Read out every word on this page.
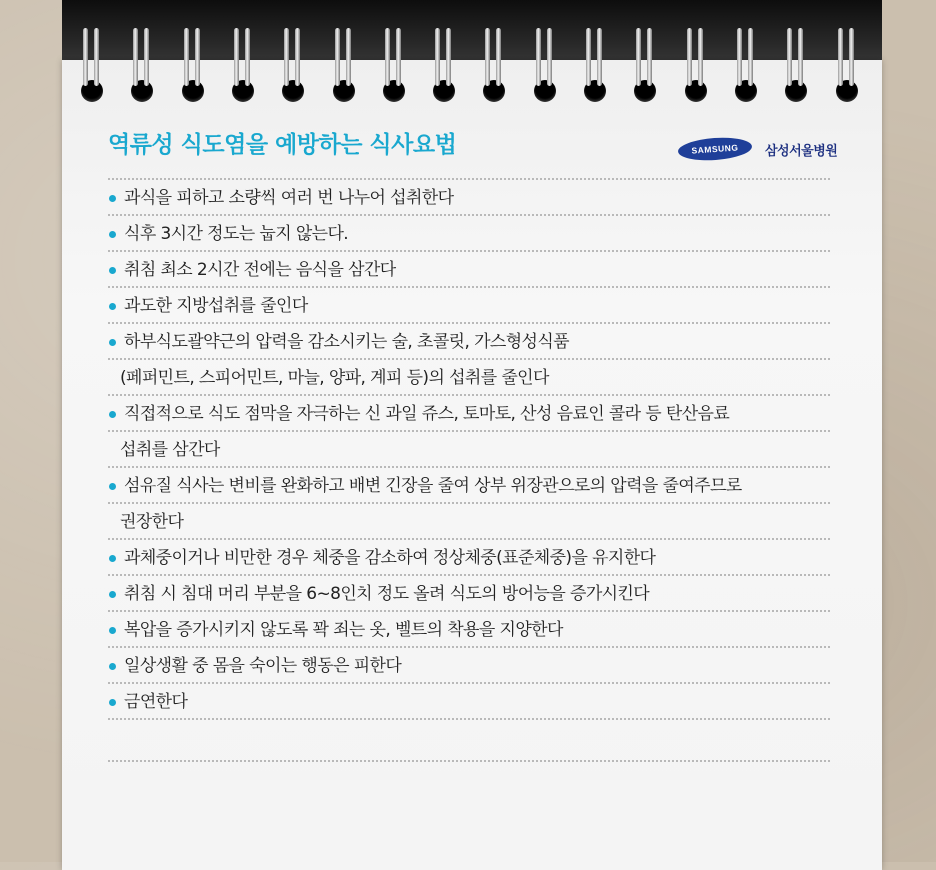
역류성 식도염을 예방하는 식사요법	SAMSUNG	삼성서울병원
과식을 피하고 소량씩 여러 번 나누어 섭취한다
식후 3시간 정도는 눕지 않는다.
취침 최소 2시간 전에는 음식을 삼간다
과도한 지방섭취를 줄인다
하부식도괄약근의 압력을 감소시키는 술, 초콜릿, 가스형성식품
(페퍼민트, 스피어민트, 마늘, 양파, 계피 등)의 섭취를 줄인다
직접적으로 식도 점막을 자극하는 신 과일 쥬스, 토마토, 산성 음료인 콜라 등 탄산음료
섭취를 삼간다
섬유질 식사는 변비를 완화하고 배변 긴장을 줄여 상부 위장관으로의 압력을 줄여주므로
권장한다
과체중이거나 비만한 경우 체중을 감소하여 정상체중(표준체중)을 유지한다
취침 시 침대 머리 부분을 6~8인치 정도 올려 식도의 방어능을 증가시킨다
복압을 증가시키지 않도록 꽉 죄는 옷, 벨트의 착용을 지양한다
일상생활 중 몸을 숙이는 행동은 피한다
금연한다
